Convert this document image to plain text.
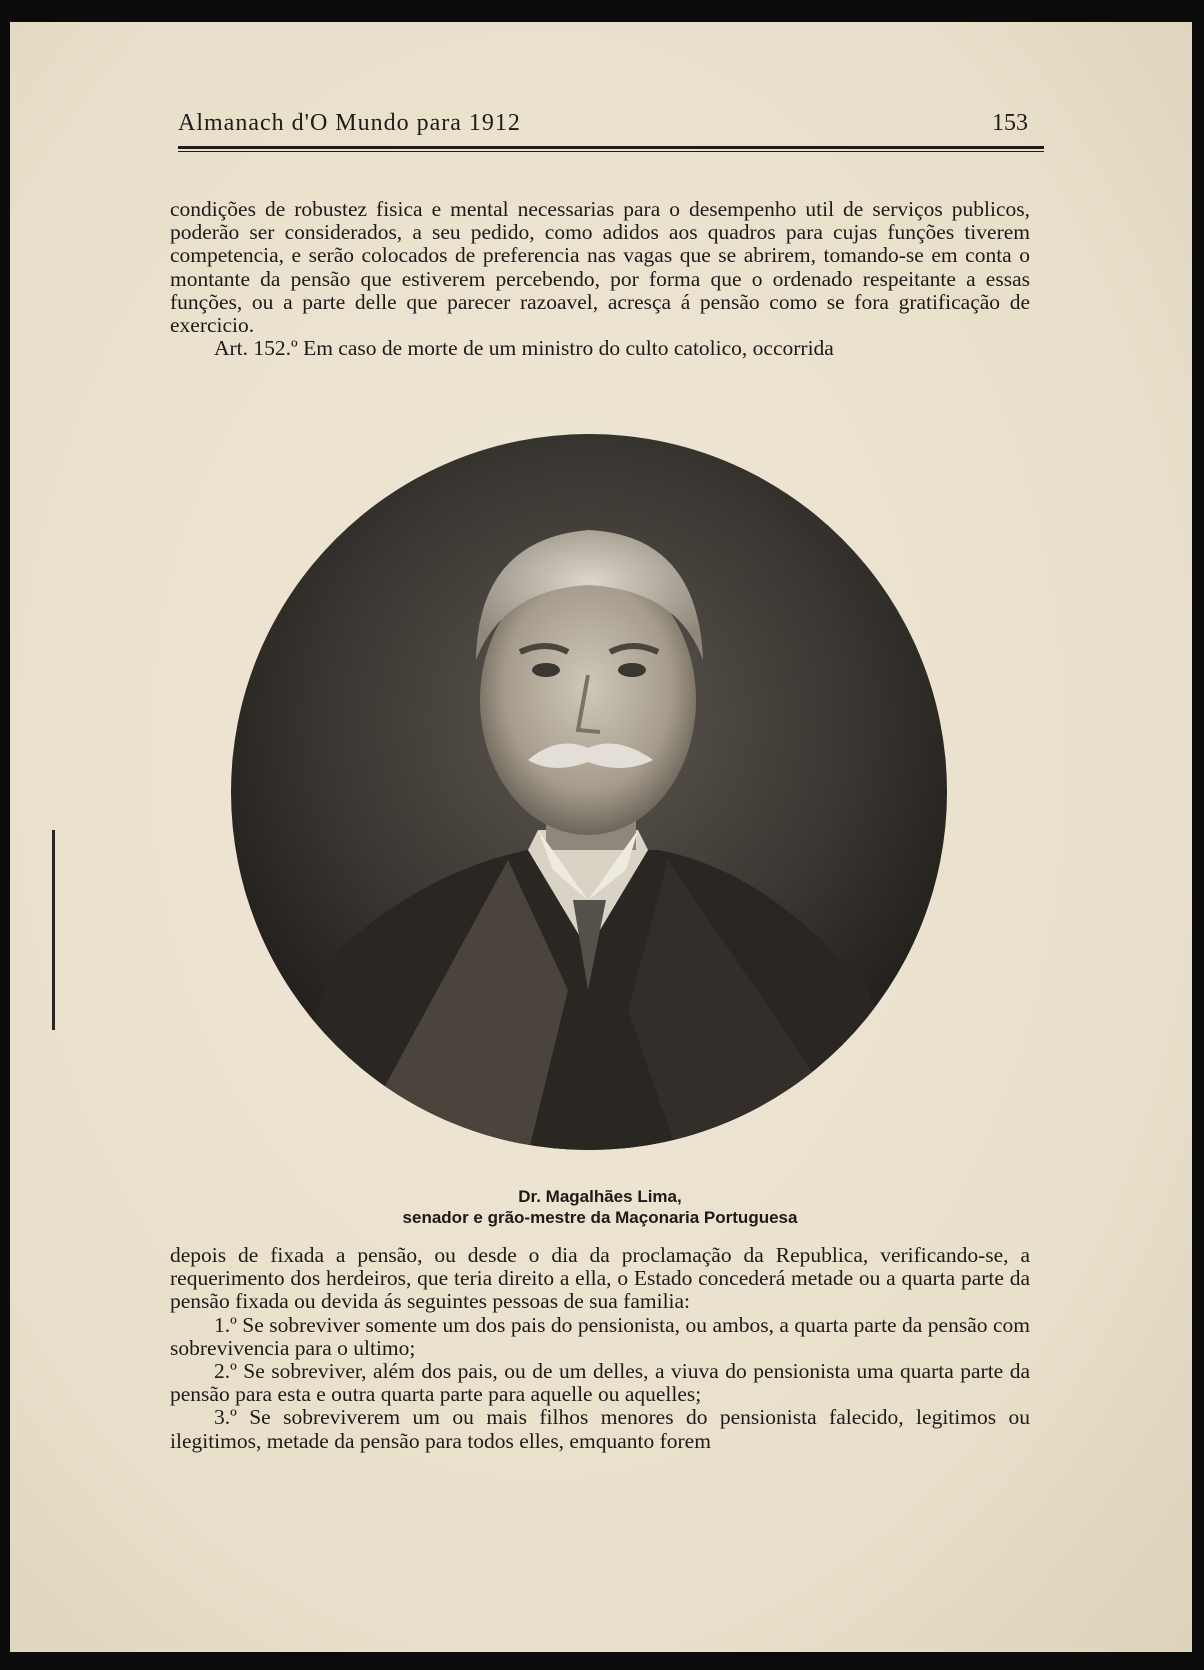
Almanach d'O Mundo para 1912	153

condições de robustez fisica e mental necessarias para o desempenho util de serviços publicos, poderão ser considerados, a seu pedido, como adidos aos quadros para cujas funções tiverem competencia, e serão colocados de preferencia nas vagas que se abrirem, tomando-se em conta o montante da pensão que estiverem percebendo, por forma que o ordenado respeitante a essas funções, ou a parte delle que parecer razoavel, acresça á pensão como se fora gratificação de exercicio.

Art. 152.º Em caso de morte de um ministro do culto catolico, occorrida

Dr. Magalhães Lima,
senador e grão-mestre da Maçonaria Portuguesa

depois de fixada a pensão, ou desde o dia da proclamação da Republica, verificando-se, a requerimento dos herdeiros, que teria direito a ella, o Estado concederá metade ou a quarta parte da pensão fixada ou devida ás seguintes pessoas de sua familia:

1.º Se sobreviver somente um dos pais do pensionista, ou ambos, a quarta parte da pensão com sobrevivencia para o ultimo;

2.º Se sobreviver, além dos pais, ou de um delles, a viuva do pensionista uma quarta parte da pensão para esta e outra quarta parte para aquelle ou aquelles;

3.º Se sobreviverem um ou mais filhos menores do pensionista falecido, legitimos ou ilegitimos, metade da pensão para todos elles, emquanto forem
